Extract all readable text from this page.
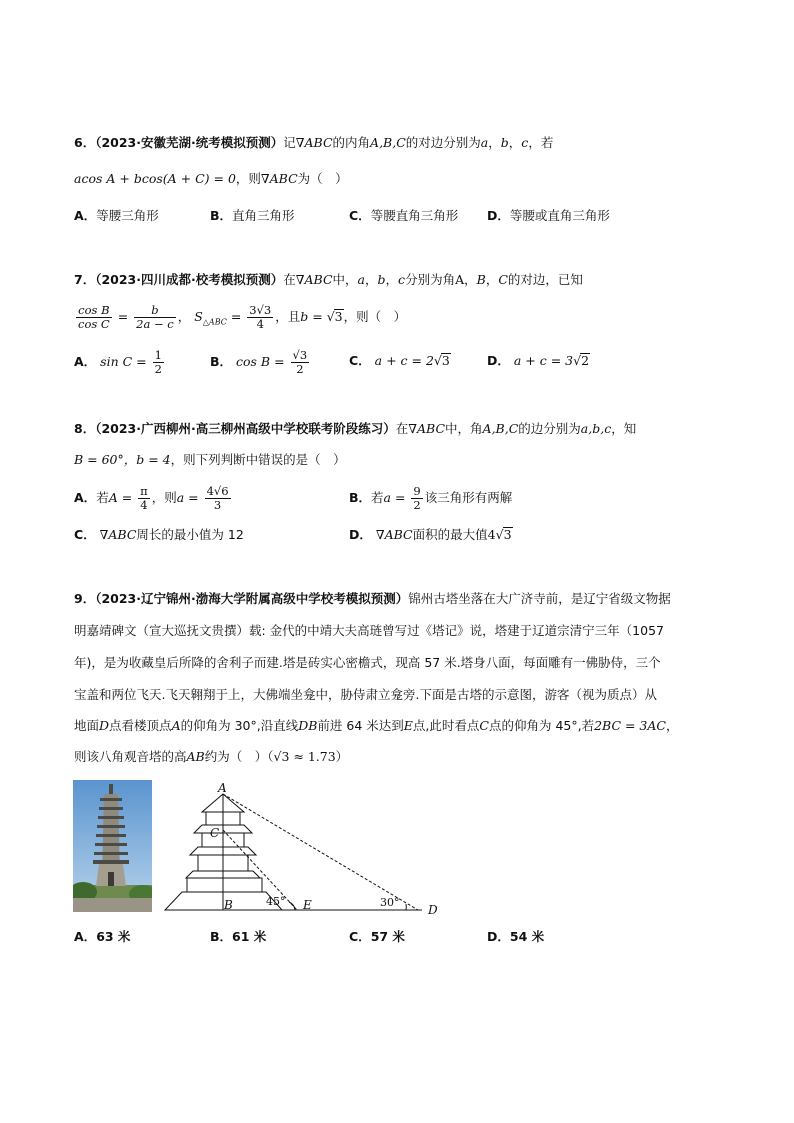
6．（2023·安徽芜湖·统考模拟预测）记∇ABC的内角A,B,C的对边分别为a，b，c，若
acos A + bcos(A + C) = 0，则∇ABC为（　）
A．等腰三角形	B．直角三角形	C．等腰直角三角形 D．等腰或直角三角形
7．（2023·四川成都·校考模拟预测）在∇ABC中，a，b，c分别为角A，B，C的对边，已知
$\frac{\text{cos B}}{\text{cos C}} = \frac{b}{2a - c}$ ， $S_{\triangle ABC} = \frac{3√3}{4}$ ，且b = √3，则（　）
A． $\sin C = \frac{1}{2}$	B． $\cos B = \frac{√3}{2}$	C． a + c = 2√3	D． a + c = 3√2
8．（2023·广西柳州·高三柳州高级中学校联考阶段练习）在∇ABC中，角A,B,C的边分别为a,b,c，知
B = 60°，b = 4，则下列判断中错误的是（　）
A．若$A = \frac{\pi}{4}$ ，则$a = \frac{4√6}{3}$	B．若$a = \frac{9}{2}$ 该三角形有两解
C． ∇ABC周长的最小值为 12	D． ∇ABC面积的最大值4√3
9．（2023·辽宁锦州·渤海大学附属高级中学校考模拟预测）锦州古塔坐落在大广济寺前，是辽宁省级文物据
明嘉靖碑文（宣大巡抚文贵撰）载: 金代的中靖大夫高琏曾写过《塔记》说，塔建于辽道宗清宁三年（1057
年)，是为收藏皇后所降的舍利子而建.塔是砖实心密檐式，现高 57 米.塔身八面，每面雕有一佛胁侍，三个
宝盖和两位飞天.飞天翱翔于上，大佛端坐龛中，胁侍肃立龛旁.下面是古塔的示意图，游客（视为质点）从
地面D点看楼顶点A的仰角为 30°,沿直线DB前进 64 米达到E点,此时看点C点的仰角为 45°,若2BC = 3AC，
则该八角观音塔的高AB约为（　）（√3 ≈ 1.73）
A
C
B	E	D
45°	30°
A．63 米	B．61 米	C．57 米	D．54 米
